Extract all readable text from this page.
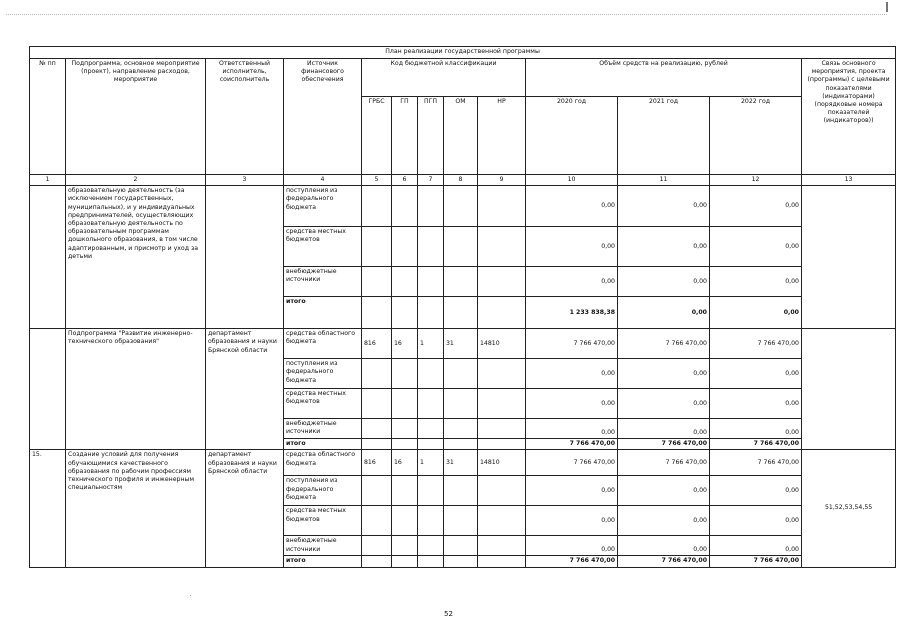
План реализации государственной программы												
№ пп	Подпрограмма, основное мероприятие (проект), направление расходов, мероприятие	Ответственный исполнитель, соисполнитель	Источник финансового обеспечения	Код бюджетной классификации					Объём средств на реализацию, рублей			Связь основного мероприятия, проекта (программы) с целевыми показателями (индикаторами) (порядковые номера показателей (индикаторов))
				ГРБС	ГП	ПГП	ОМ	НР	2020 год	2021 год	2022 год	
1	2	3	4	5	6	7	8	9	10	11	12	13
	образовательную деятельность (за исключением государственных, муниципальных), и у индивидуальных предпринимателей, осуществляющих образовательную деятельность по образовательным программам дошкольного образования, в том числе адаптированным, и присмотр и уход за детьми		поступления из федерального бюджета						0,00	0,00	0,00	
			средства местных бюджетов						0,00	0,00	0,00	
			внебюджетные источники						0,00	0,00	0,00	
			итого						1 233 838,38	0,00	0,00	
	Подпрограмма "Развитие инженерно-технического образования"	департамент образования и науки Брянской области	средства областного бюджета	816	16	1	31	14810	7 766 470,00	7 766 470,00	7 766 470,00	
			поступления из федерального бюджета						0,00	0,00	0,00	
			средства местных бюджетов						0,00	0,00	0,00	
			внебюджетные источники						0,00	0,00	0,00	
			итого						7 766 470,00	7 766 470,00	7 766 470,00	
15.	Создание условий для получения обучающимися качественного образования по рабочим профессиям технического профиля и инженерным специальностям	департамент образования и науки Брянской области	средства областного бюджета	816	16	1	31	14810	7 766 470,00	7 766 470,00	7 766 470,00	51,52,53,54,55
			поступления из федерального бюджета						0,00	0,00	0,00	
			средства местных бюджетов						0,00	0,00	0,00	
			внебюджетные источники						0,00	0,00	0,00	
			итого						7 766 470,00	7 766 470,00	7 766 470,00	
52
